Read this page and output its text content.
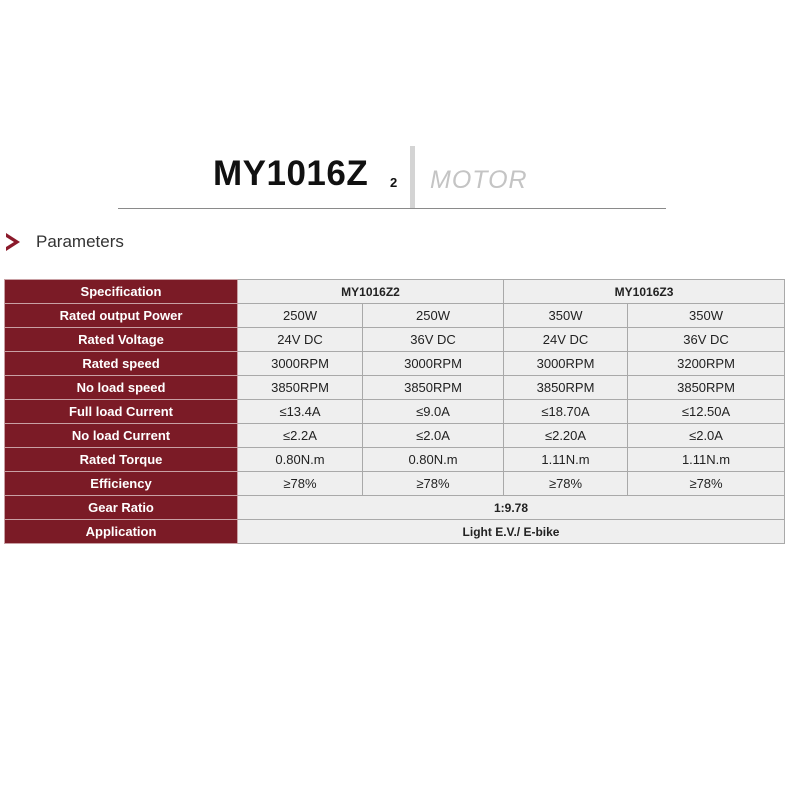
MY1016Z 2 MOTOR
Parameters
Specification	MY1016Z2		MY1016Z3	
Rated output Power	250W	250W	350W	350W
Rated Voltage	24V DC	36V DC	24V DC	36V DC
Rated speed	3000RPM	3000RPM	3000RPM	3200RPM
No load speed	3850RPM	3850RPM	3850RPM	3850RPM
Full load Current	≤13.4A	≤9.0A	≤18.70A	≤12.50A
No load Current	≤2.2A	≤2.0A	≤2.20A	≤2.0A
Rated Torque	0.80N.m	0.80N.m	1.11N.m	1.11N.m
Efficiency	≥78%	≥78%	≥78%	≥78%
Gear Ratio	1:9.78			
Application	Light E.V./ E-bike			
